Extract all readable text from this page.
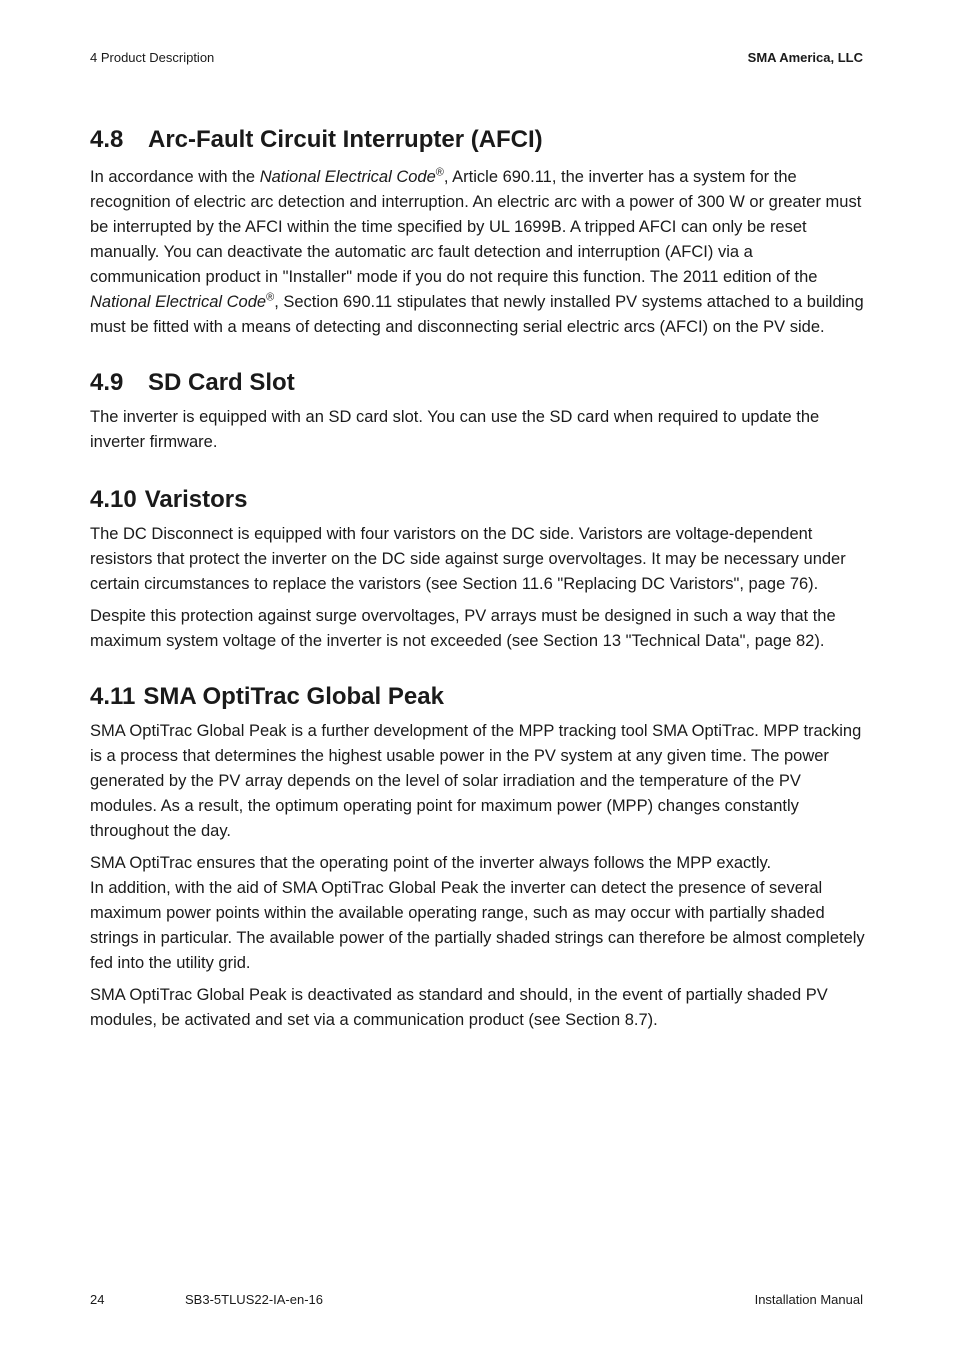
4 Product Description	SMA America, LLC
4.8 Arc-Fault Circuit Interrupter (AFCI)

In accordance with the National Electrical Code®, Article 690.11, the inverter has a system for the recognition of electric arc detection and interruption. An electric arc with a power of 300 W or greater must be interrupted by the AFCI within the time specified by UL 1699B. A tripped AFCI can only be reset manually. You can deactivate the automatic arc fault detection and interruption (AFCI) via a communication product in "Installer" mode if you do not require this function. The 2011 edition of the National Electrical Code®, Section 690.11 stipulates that newly installed PV systems attached to a building must be fitted with a means of detecting and disconnecting serial electric arcs (AFCI) on the PV side.

4.9 SD Card Slot

The inverter is equipped with an SD card slot. You can use the SD card when required to update the inverter firmware.

4.10 Varistors

The DC Disconnect is equipped with four varistors on the DC side. Varistors are voltage-dependent resistors that protect the inverter on the DC side against surge overvoltages. It may be necessary under certain circumstances to replace the varistors (see Section 11.6 "Replacing DC Varistors", page 76).

Despite this protection against surge overvoltages, PV arrays must be designed in such a way that the maximum system voltage of the inverter is not exceeded (see Section 13 "Technical Data", page 82).

4.11 SMA OptiTrac Global Peak

SMA OptiTrac Global Peak is a further development of the MPP tracking tool SMA OptiTrac. MPP tracking is a process that determines the highest usable power in the PV system at any given time. The power generated by the PV array depends on the level of solar irradiation and the temperature of the PV modules. As a result, the optimum operating point for maximum power (MPP) changes constantly throughout the day.

SMA OptiTrac ensures that the operating point of the inverter always follows the MPP exactly.
In addition, with the aid of SMA OptiTrac Global Peak the inverter can detect the presence of several maximum power points within the available operating range, such as may occur with partially shaded strings in particular. The available power of the partially shaded strings can therefore be almost completely fed into the utility grid.

SMA OptiTrac Global Peak is deactivated as standard and should, in the event of partially shaded PV modules, be activated and set via a communication product (see Section 8.7).

24	SB3-5TLUS22-IA-en-16	Installation Manual
